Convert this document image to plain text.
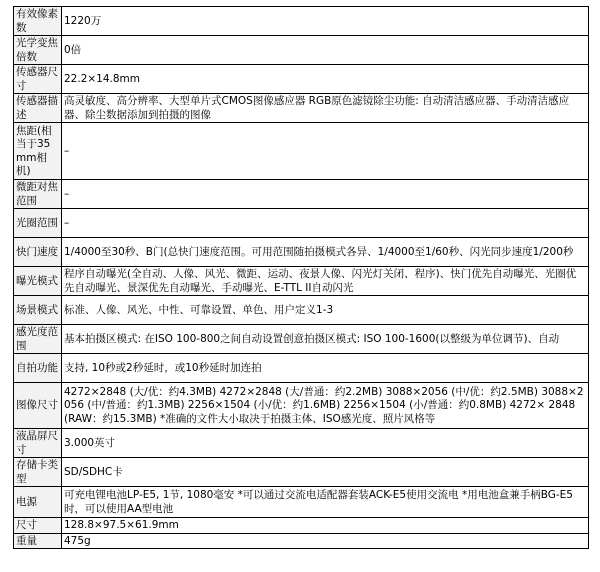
有效像素数	1220万
光学变焦倍数	0倍
传感器尺寸	22.2×14.8mm
传感器描述	高灵敏度、高分辨率、大型单片式CMOS图像感应器 RGB原色滤镜除尘功能: 自动清洁感应器、手动清洁感应器、除尘数据添加到拍摄的图像
焦距(相当于35mm相机)	–
微距对焦范围	–
光圈范围	–
快门速度	1/4000至30秒、B门(总快门速度范围。可用范围随拍摄模式各异、1/4000至1/60秒、闪光同步速度1/200秒
曝光模式	程序自动曝光(全自动、人像、风光、微距、运动、夜景人像、闪光灯关闭、程序)、快门优先自动曝光、光圈优先自动曝光、景深优先自动曝光、手动曝光、E-TTL II自动闪光
场景模式	标准、人像、风光、中性、可靠设置、单色、用户定义1-3
感光度范围	基本拍摄区模式: 在ISO 100-800之间自动设置创意拍摄区模式: ISO 100-1600(以整级为单位调节)、自动
自拍功能	支持, 10秒或2秒延时，或10秒延时加连拍
图像尺寸	4272×2848 (大/优：约4.3MB) 4272×2848 (大/普通：约2.2MB) 3088×2056 (中/优：约2.5MB) 3088×2056 (中/普通：约1.3MB) 2256×1504 (小/优：约1.6MB) 2256×1504 (小/普通：约0.8MB) 4272× 2848 (RAW：约15.3MB) *准确的文件大小取决于拍摄主体、ISO感光度、照片风格等
液晶屏尺寸	3.000英寸
存储卡类型	SD/SDHC卡
电源	可充电锂电池LP-E5, 1节, 1080毫安 *可以通过交流电适配器套装ACK-E5使用交流电 *用电池盒兼手柄BG-E5时，可以使用AA型电池
尺寸	128.8×97.5×61.9mm
重量	475g
